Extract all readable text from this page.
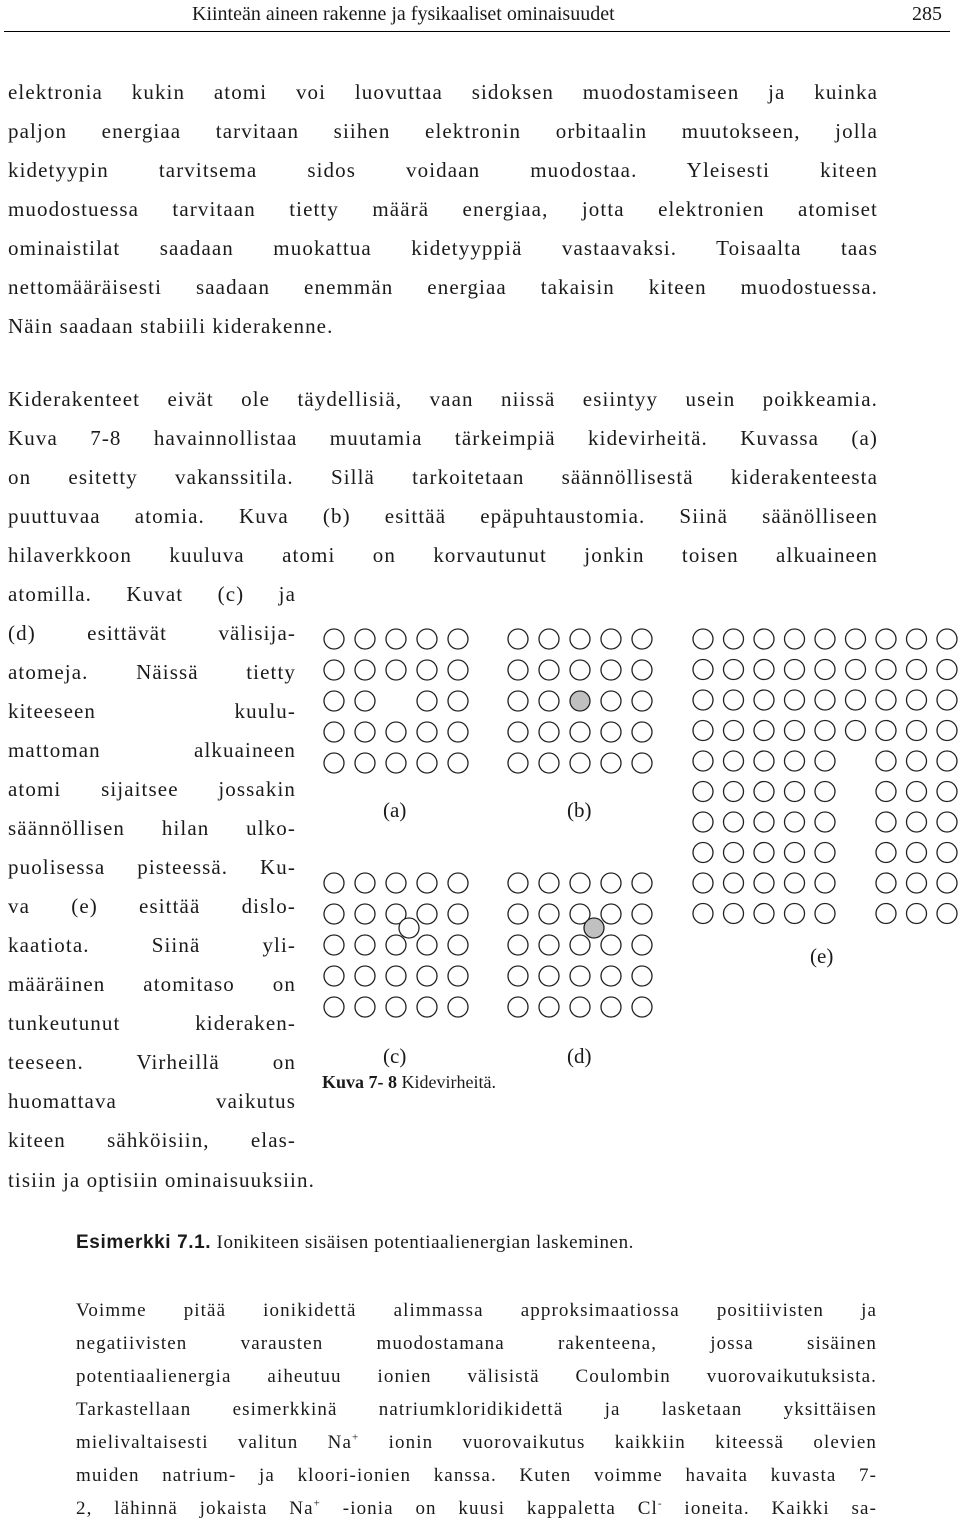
Kiinteän aineen rakenne ja fysikaaliset ominaisuudet	285
elektronia kukin atomi voi luovuttaa sidoksen muodostamiseen ja kuinka
paljon energiaa tarvitaan siihen elektronin orbitaalin muutokseen, jolla
kidetyypin tarvitsema sidos voidaan muodostaa. Yleisesti kiteen
muodostuessa tarvitaan tietty määrä energiaa, jotta elektronien atomiset
ominaistilat saadaan muokattua kidetyyppiä vastaavaksi. Toisaalta taas
nettomääräisesti saadaan enemmän energiaa takaisin kiteen muodostuessa.
Näin saadaan stabiili kiderakenne.
Kiderakenteet eivät ole täydellisiä, vaan niissä esiintyy usein poikkeamia.
Kuva 7-8 havainnollistaa muutamia tärkeimpiä kidevirheitä. Kuvassa (a)
on esitetty vakanssitila. Sillä tarkoitetaan säännöllisestä kiderakenteesta
puuttuvaa atomia. Kuva (b) esittää epäpuhtaustomia. Siinä säänölliseen
hilaverkkoon kuuluva atomi on korvautunut jonkin toisen alkuaineen
atomilla. Kuvat (c) ja
(d) esittävät välisija-
atomeja. Näissä tietty
kiteeseen kuulu-
mattoman alkuaineen
atomi sijaitsee jossakin
säännöllisen hilan ulko-
puolisessa pisteessä. Ku-
va (e) esittää dislo-
kaatiota. Siinä yli-
määräinen atomitaso on
tunkeutunut kideraken-
teeseen. Virheillä on
huomattava vaikutus
kiteen sähköisiin, elas-
tisiin ja optisiin ominaisuuksiin.
(a)	(b)
(c)	(d)
(e)
Kuva 7- 8 Kidevirheitä.
Esimerkki 7.1. Ionikiteen sisäisen potentiaalienergian laskeminen.
Voimme pitää ionikidettä alimmassa approksimaatiossa positiivisten ja
negatiivisten varausten muodostamana rakenteena, jossa sisäinen
potentiaalienergia aiheutuu ionien välisistä Coulombin vuorovaikutuksista.
Tarkastellaan esimerkkinä natriumkloridikidettä ja lasketaan yksittäisen
mielivaltaisesti valitun Na+ ionin vuorovaikutus kaikkiin kiteessä olevien
muiden natrium- ja kloori-ionien kanssa. Kuten voimme havaita kuvasta 7-
2, lähinnä jokaista Na+ -ionia on kuusi kappaletta Cl- ioneita. Kaikki sa-
